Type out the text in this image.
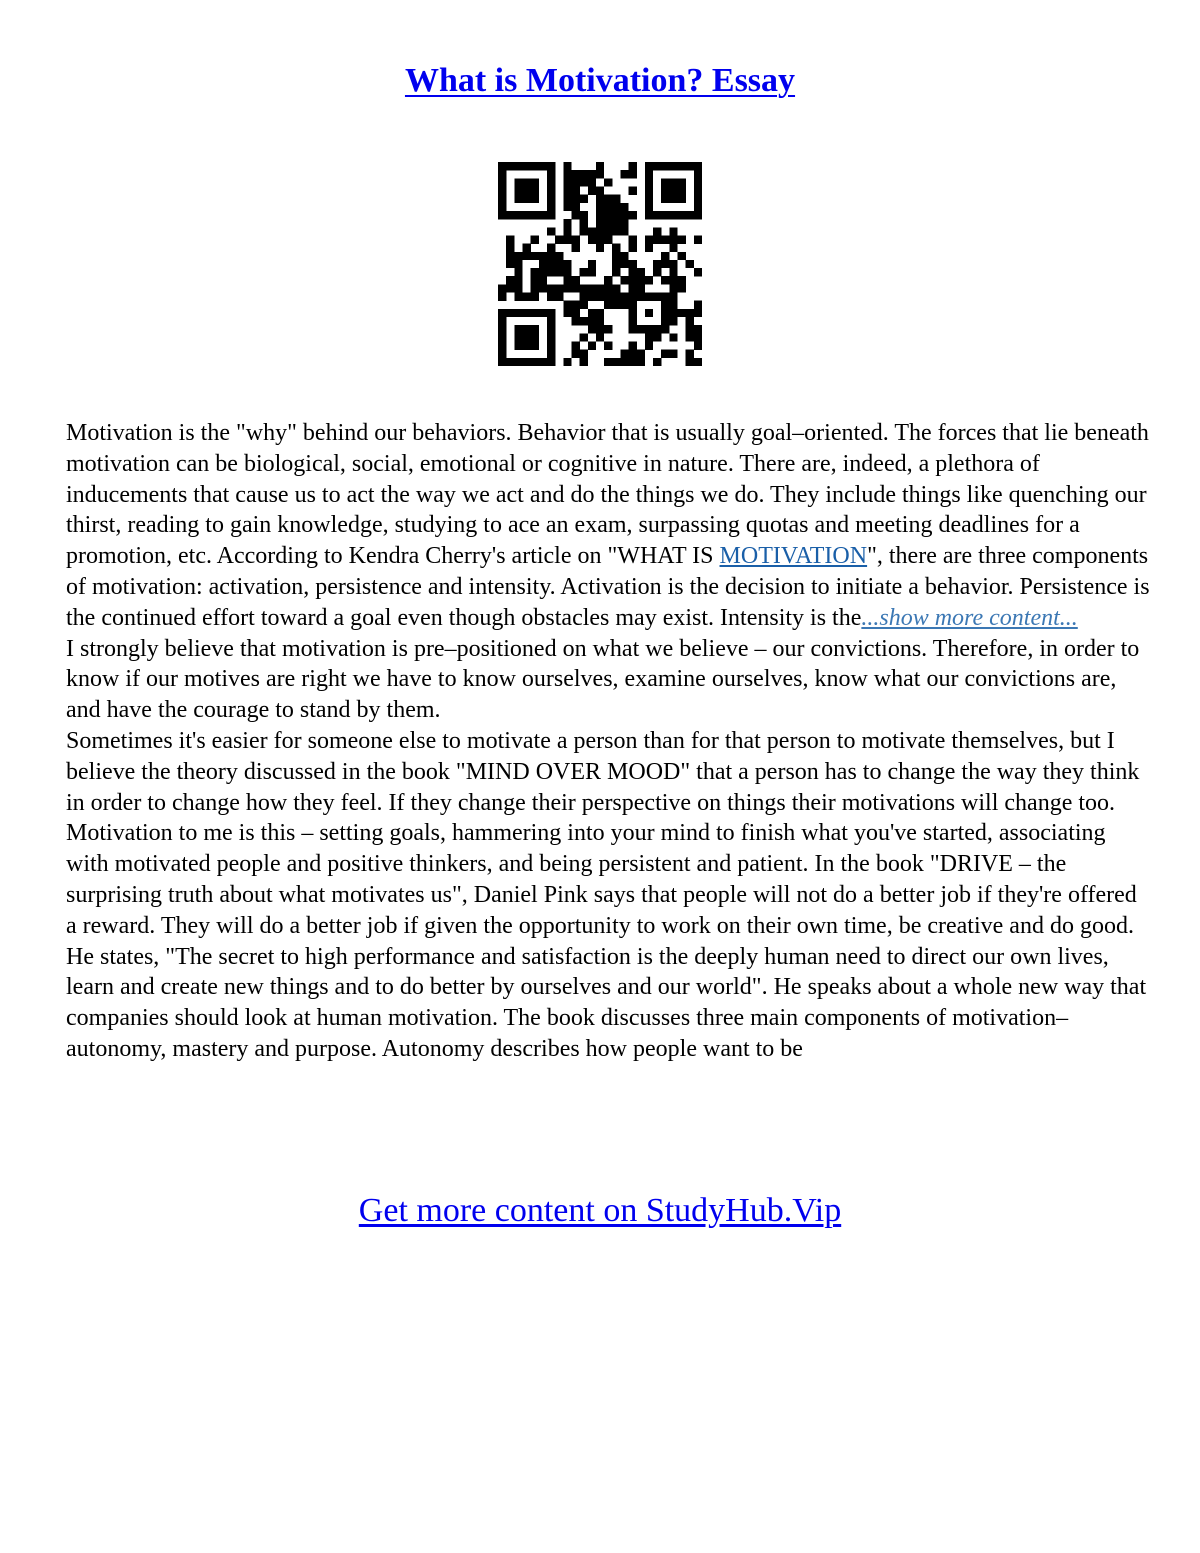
What is Motivation? Essay

Motivation is the "why" behind our behaviors. Behavior that is usually goal–oriented. The forces that lie beneath motivation can be biological, social, emotional or cognitive in nature. There are, indeed, a plethora of inducements that cause us to act the way we act and do the things we do. They include things like quenching our thirst, reading to gain knowledge, studying to ace an exam, surpassing quotas and meeting deadlines for a promotion, etc. According to Kendra Cherry's article on "WHAT IS MOTIVATION", there are three components of motivation: activation, persistence and intensity. Activation is the decision to initiate a behavior. Persistence is the continued effort toward a goal even though obstacles may exist. Intensity is the...show more content...

I strongly believe that motivation is pre–positioned on what we believe – our convictions. Therefore, in order to know if our motives are right we have to know ourselves, examine ourselves, know what our convictions are, and have the courage to stand by them.

Sometimes it's easier for someone else to motivate a person than for that person to motivate themselves, but I believe the theory discussed in the book "MIND OVER MOOD" that a person has to change the way they think in order to change how they feel. If they change their perspective on things their motivations will change too. Motivation to me is this – setting goals, hammering into your mind to finish what you've started, associating with motivated people and positive thinkers, and being persistent and patient. In the book "DRIVE – the surprising truth about what motivates us", Daniel Pink says that people will not do a better job if they're offered a reward. They will do a better job if given the opportunity to work on their own time, be creative and do good. He states, "The secret to high performance and satisfaction is the deeply human need to direct our own lives, learn and create new things and to do better by ourselves and our world". He speaks about a whole new way that companies should look at human motivation. The book discusses three main components of motivation– autonomy, mastery and purpose. Autonomy describes how people want to be

Get more content on StudyHub.Vip
